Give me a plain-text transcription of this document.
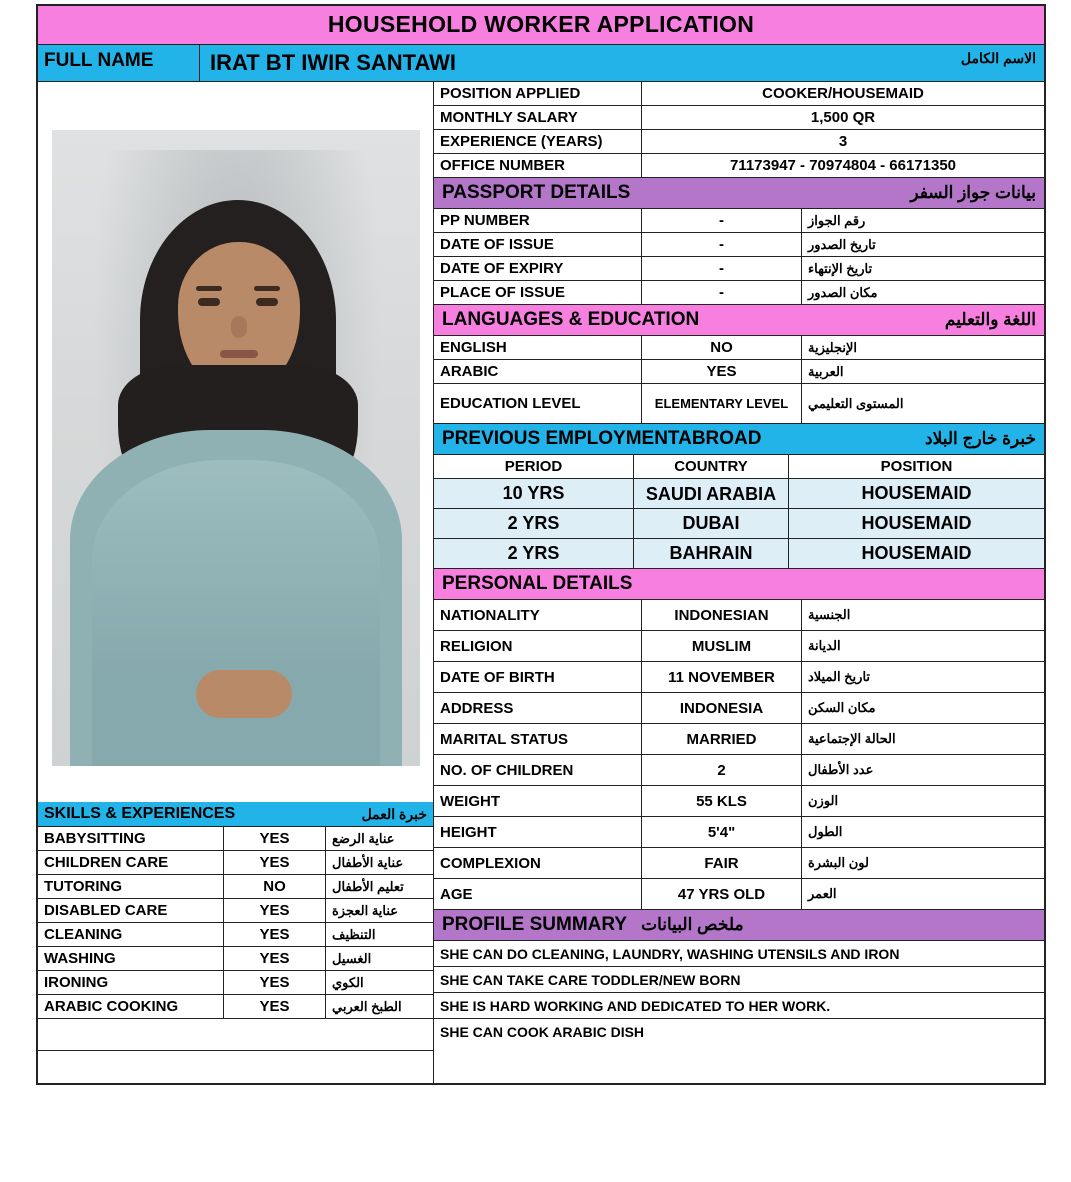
HOUSEHOLD WORKER APPLICATION
FULL NAME	IRAT BT IWIR SANTAWI	الاسم الكامل
SKILLS & EXPERIENCES	خبرة العمل
BABYSITTING	YES	عناية الرضع
CHILDREN CARE	YES	عناية الأطفال
TUTORING	NO	تعليم الأطفال
DISABLED CARE	YES	عناية العجزة
CLEANING	YES	التنظيف
WASHING	YES	الغسيل
IRONING	YES	الكوي
ARABIC COOKING	YES	الطبخ العربي
POSITION APPLIED	COOKER/HOUSEMAID
MONTHLY SALARY	1,500 QR
EXPERIENCE (YEARS)	3
OFFICE NUMBER	71173947 - 70974804 - 66171350
PASSPORT DETAILS	بيانات جواز السفر
PP NUMBER	-	رقم الجواز
DATE OF ISSUE	-	تاريخ الصدور
DATE OF EXPIRY	-	تاريخ الإنتهاء
PLACE OF ISSUE	-	مكان الصدور
LANGUAGES & EDUCATION	اللغة والتعليم
ENGLISH	NO	الإنجليزية
ARABIC	YES	العربية
EDUCATION LEVEL	ELEMENTARY LEVEL	المستوى التعليمي
PREVIOUS EMPLOYMENTABROAD	خبرة خارج البلاد
PERIOD	COUNTRY	POSITION
10 YRS	SAUDI ARABIA	HOUSEMAID
2 YRS	DUBAI	HOUSEMAID
2 YRS	BAHRAIN	HOUSEMAID
PERSONAL DETAILS
NATIONALITY	INDONESIAN	الجنسية
RELIGION	MUSLIM	الديانة
DATE OF BIRTH	11 NOVEMBER	تاريخ الميلاد
ADDRESS	INDONESIA	مكان السكن
MARITAL STATUS	MARRIED	الحالة الإجتماعية
NO. OF CHILDREN	2	عدد الأطفال
WEIGHT	55 KLS	الوزن
HEIGHT	5'4"	الطول
COMPLEXION	FAIR	لون البشرة
AGE	47 YRS OLD	العمر
PROFILE SUMMARY ملخص البيانات
SHE CAN DO CLEANING, LAUNDRY, WASHING UTENSILS AND IRON
SHE CAN TAKE CARE TODDLER/NEW BORN
SHE IS HARD WORKING AND DEDICATED TO HER WORK.
SHE CAN COOK ARABIC DISH
